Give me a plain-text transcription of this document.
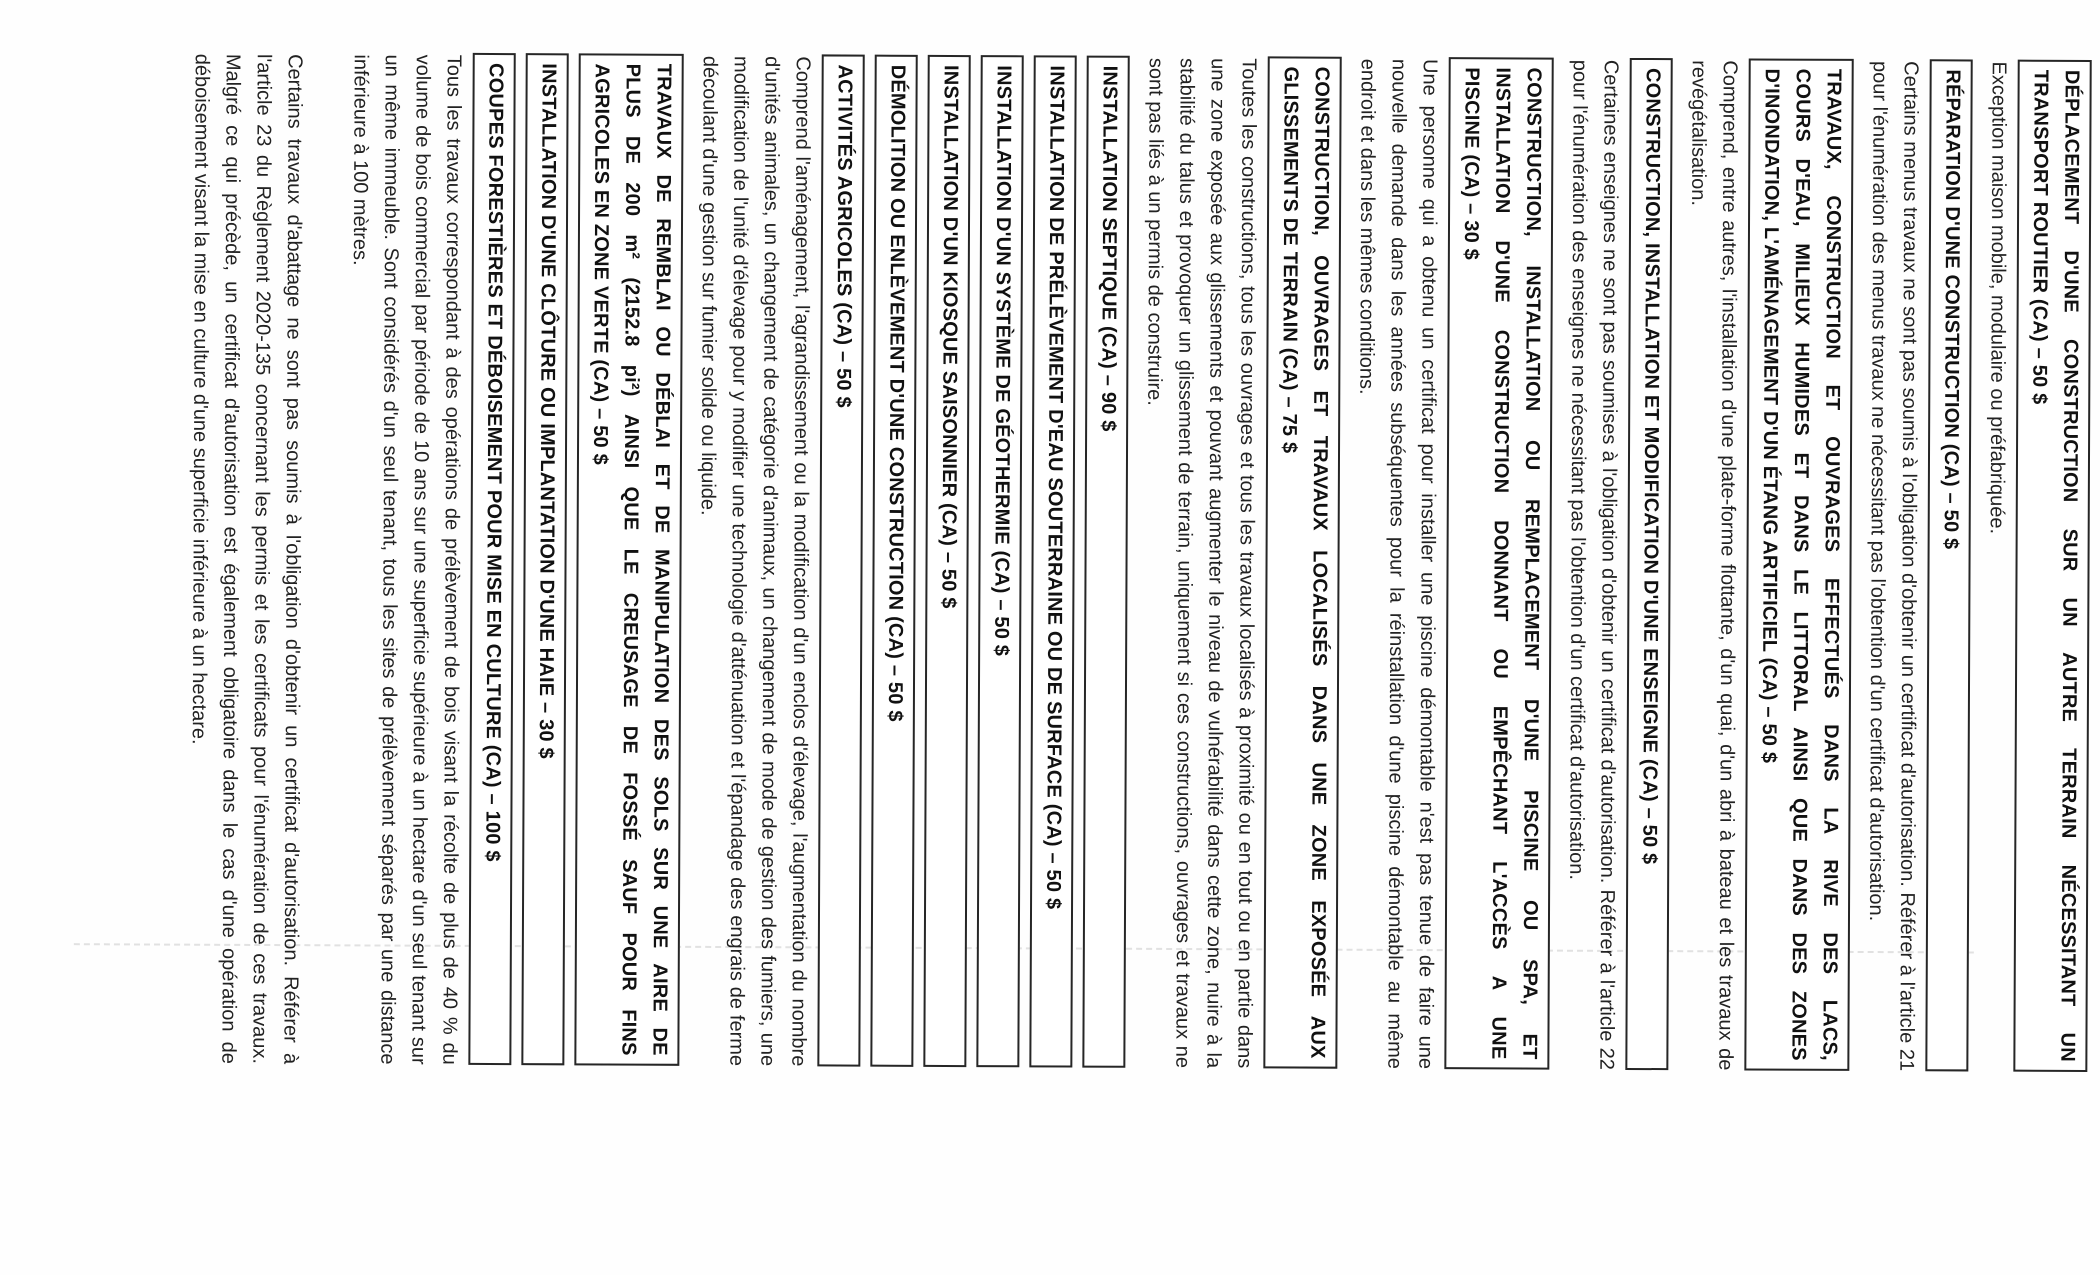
DÉPLACEMENT D'UNE CONSTRUCTION SUR UN AUTRE TERRAIN NÉCESSITANT UN
TRANSPORT ROUTIER (CA) – 50 $

Exception maison mobile, modulaire ou préfabriquée.

RÉPARATION D'UNE CONSTRUCTION (CA) – 50 $

Certains menus travaux ne sont pas soumis à l'obligation d'obtenir un certificat d'autorisation. Référer à l'article 21 pour l'énumération des menus travaux ne nécessitant pas l'obtention d'un certificat d'autorisation.

TRAVAUX, CONSTRUCTION ET OUVRAGES EFFECTUÉS DANS LA RIVE DES LACS,
COURS D'EAU, MILIEUX HUMIDES ET DANS LE LITTORAL AINSI QUE DANS DES ZONES
D'INONDATION, L'AMÉNAGEMENT D'UN ÉTANG ARTIFICIEL (CA) – 50 $

Comprend, entre autres, l'installation d'une plate-forme flottante, d'un quai, d'un abri à bateau et les travaux de revégétalisation.

CONSTRUCTION, INSTALLATION ET MODIFICATION D'UNE ENSEIGNE (CA) – 50 $

Certaines enseignes ne sont pas soumises à l'obligation d'obtenir un certificat d'autorisation. Référer à l'article 22 pour l'énumération des enseignes ne nécessitant pas l'obtention d'un certificat d'autorisation.

CONSTRUCTION, INSTALLATION OU REMPLACEMENT D'UNE PISCINE OU SPA, ET
INSTALLATION D'UNE CONSTRUCTION DONNANT OU EMPÊCHANT L'ACCÈS A UNE
PISCINE (CA) – 30 $

Une personne qui a obtenu un certificat pour installer une piscine démontable n'est pas tenue de faire une nouvelle demande dans les années subséquentes pour la réinstallation d'une piscine démontable au même endroit et dans les mêmes conditions.

CONSTRUCTION, OUVRAGES ET TRAVAUX LOCALISÉS DANS UNE ZONE EXPOSÉE AUX
GLISSEMENTS DE TERRAIN (CA) – 75 $

Toutes les constructions, tous les ouvrages et tous les travaux localisés à proximité ou en tout ou en partie dans une zone exposée aux glissements et pouvant augmenter le niveau de vulnérabilité dans cette zone, nuire à la stabilité du talus et provoquer un glissement de terrain, uniquement si ces constructions, ouvrages et travaux ne sont pas liés à un permis de construire.

INSTALLATION SEPTIQUE (CA) – 90 $
INSTALLATION DE PRÉLÈVEMENT D'EAU SOUTERRAINE OU DE SURFACE (CA) – 50 $
INSTALLATION D'UN SYSTÈME DE GÉOTHERMIE (CA) – 50 $
INSTALLATION D'UN KIOSQUE SAISONNIER (CA) – 50 $
DÉMOLITION OU ENLÈVEMENT D'UNE CONSTRUCTION (CA) – 50 $
ACTIVITÉS AGRICOLES (CA) – 50 $

Comprend l'aménagement, l'agrandissement ou la modification d'un enclos d'élevage, l'augmentation du nombre d'unités animales, un changement de catégorie d'animaux, un changement de mode de gestion des fumiers, une modification de l'unité d'élevage pour y modifier une technologie d'atténuation et l'épandage des engrais de ferme découlant d'une gestion sur fumier solide ou liquide.

TRAVAUX DE REMBLAI OU DÉBLAI ET DE MANIPULATION DES SOLS SUR UNE AIRE DE
PLUS DE 200 m² (2152.8 pi²) AINSI QUE LE CREUSAGE DE FOSSÉ SAUF POUR FINS
AGRICOLES EN ZONE VERTE (CA) – 50 $
INSTALLATION D'UNE CLÔTURE OU IMPLANTATION D'UNE HAIE – 30 $
COUPES FORESTIÈRES ET DÉBOISEMENT POUR MISE EN CULTURE (CA) – 100 $

Tous les travaux correspondant à des opérations de prélèvement de bois visant la récolte de plus de 40 % du volume de bois commercial par période de 10 ans sur une superficie supérieure à un hectare d'un seul tenant sur un même immeuble. Sont considérés d'un seul tenant, tous les sites de prélèvement séparés par une distance inférieure à 100 mètres.

Certains travaux d'abattage ne sont pas soumis à l'obligation d'obtenir un certificat d'autorisation. Référer à l'article 23 du Règlement 2020-135 concernant les permis et les certificats pour l'énumération de ces travaux. Malgré ce qui précède, un certificat d'autorisation est également obligatoire dans le cas d'une opération de déboisement visant la mise en culture d'une superficie inférieure à un hectare.
